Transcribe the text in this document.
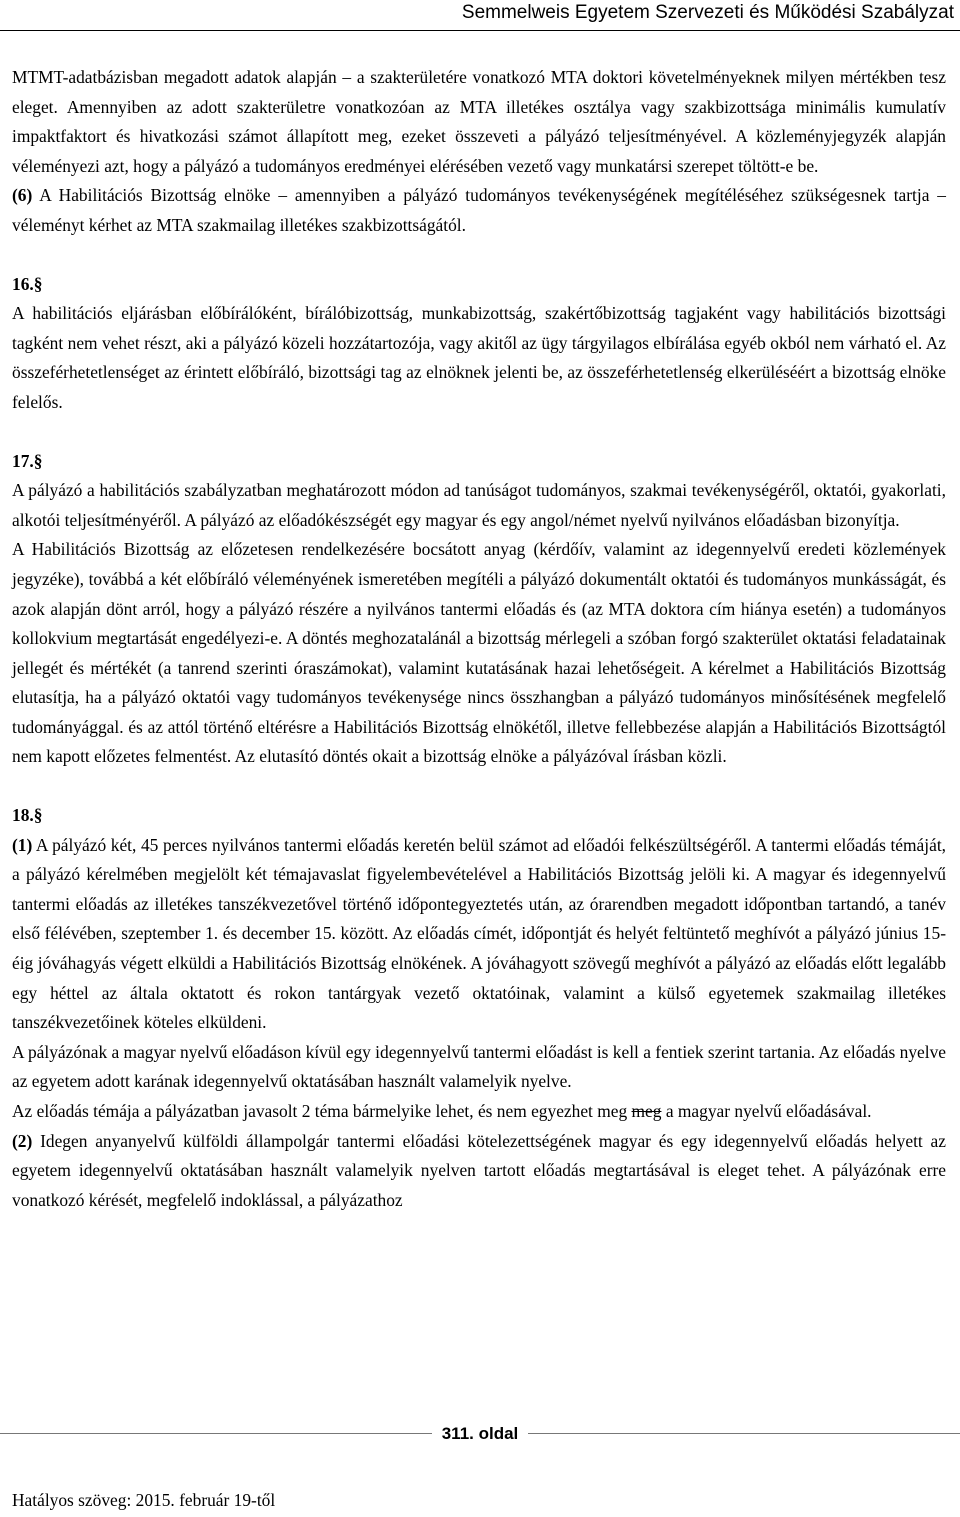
Semmelweis Egyetem Szervezeti és Működési Szabályzat

MTMT-adatbázisban megadott adatok alapján – a szakterületére vonatkozó MTA doktori követelményeknek milyen mértékben tesz eleget. Amennyiben az adott szakterületre vonatkozóan az MTA illetékes osztálya vagy szakbizottsága minimális kumulatív impaktfaktort és hivatkozási számot állapított meg, ezeket összeveti a pályázó teljesítményével. A közleményjegyzék alapján véleményezi azt, hogy a pályázó a tudományos eredményei elérésében vezető vagy munkatársi szerepet töltött-e be.

(6) A Habilitációs Bizottság elnöke – amennyiben a pályázó tudományos tevékenységének megítéléséhez szükségesnek tartja – véleményt kérhet az MTA szakmailag illetékes szakbizottságától.

16.§

A habilitációs eljárásban előbírálóként, bírálóbizottság, munkabizottság, szakértőbizottság tagjaként vagy habilitációs bizottsági tagként nem vehet részt, aki a pályázó közeli hozzátartozója, vagy akitől az ügy tárgyilagos elbírálása egyéb okból nem várható el. Az összeférhetetlenséget az érintett előbíráló, bizottsági tag az elnöknek jelenti be, az összeférhetetlenség elkerüléséért a bizottság elnöke felelős.

17.§

A pályázó a habilitációs szabályzatban meghatározott módon ad tanúságot tudományos, szakmai tevékenységéről, oktatói, gyakorlati, alkotói teljesítményéről. A pályázó az előadókészségét egy magyar és egy angol/német nyelvű nyilvános előadásban bizonyítja.

A Habilitációs Bizottság az előzetesen rendelkezésére bocsátott anyag (kérdőív, valamint az idegennyelvű eredeti közlemények jegyzéke), továbbá a két előbíráló véleményének ismeretében megítéli a pályázó dokumentált oktatói és tudományos munkásságát, és azok alapján dönt arról, hogy a pályázó részére a nyilvános tantermi előadás és (az MTA doktora cím hiánya esetén) a tudományos kollokvium megtartását engedélyezi-e. A döntés meghozatalánál a bizottság mérlegeli a szóban forgó szakterület oktatási feladatainak jellegét és mértékét (a tanrend szerinti óraszámokat), valamint kutatásának hazai lehetőségeit. A kérelmet a Habilitációs Bizottság elutasítja, ha a pályázó oktatói vagy tudományos tevékenysége nincs összhangban a pályázó tudományos minősítésének megfelelő tudományággal. és az attól történő eltérésre a Habilitációs Bizottság elnökétől, illetve fellebbezése alapján a Habilitációs Bizottságtól nem kapott előzetes felmentést. Az elutasító döntés okait a bizottság elnöke a pályázóval írásban közli.

18.§

(1) A pályázó két, 45 perces nyilvános tantermi előadás keretén belül számot ad előadói felkészültségéről. A tantermi előadás témáját, a pályázó kérelmében megjelölt két témajavaslat figyelembevételével a Habilitációs Bizottság jelöli ki. A magyar és idegennyelvű tantermi előadás az illetékes tanszékvezetővel történő időpontegyeztetés után, az órarendben megadott időpontban tartandó, a tanév első félévében, szeptember 1. és december 15. között. Az előadás címét, időpontját és helyét feltüntető meghívót a pályázó június 15-éig jóváhagyás végett elküldi a Habilitációs Bizottság elnökének. A jóváhagyott szövegű meghívót a pályázó az előadás előtt legalább egy héttel az általa oktatott és rokon tantárgyak vezető oktatóinak, valamint a külső egyetemek szakmailag illetékes tanszékvezetőinek köteles elküldeni.

A pályázónak a magyar nyelvű előadáson kívül egy idegennyelvű tantermi előadást is kell a fentiek szerint tartania. Az előadás nyelve az egyetem adott karának idegennyelvű oktatásában használt valamelyik nyelve.

Az előadás témája a pályázatban javasolt 2 téma bármelyike lehet, és nem egyezhet meg meg a magyar nyelvű előadásával.

(2) Idegen anyanyelvű külföldi állampolgár tantermi előadási kötelezettségének magyar és egy idegennyelvű előadás helyett az egyetem idegennyelvű oktatásában használt valamelyik nyelven tartott előadás megtartásával is eleget tehet. A pályázónak erre vonatkozó kérését, megfelelő indoklással, a pályázathoz

311. oldal
Hatályos szöveg: 2015. február 19-től
